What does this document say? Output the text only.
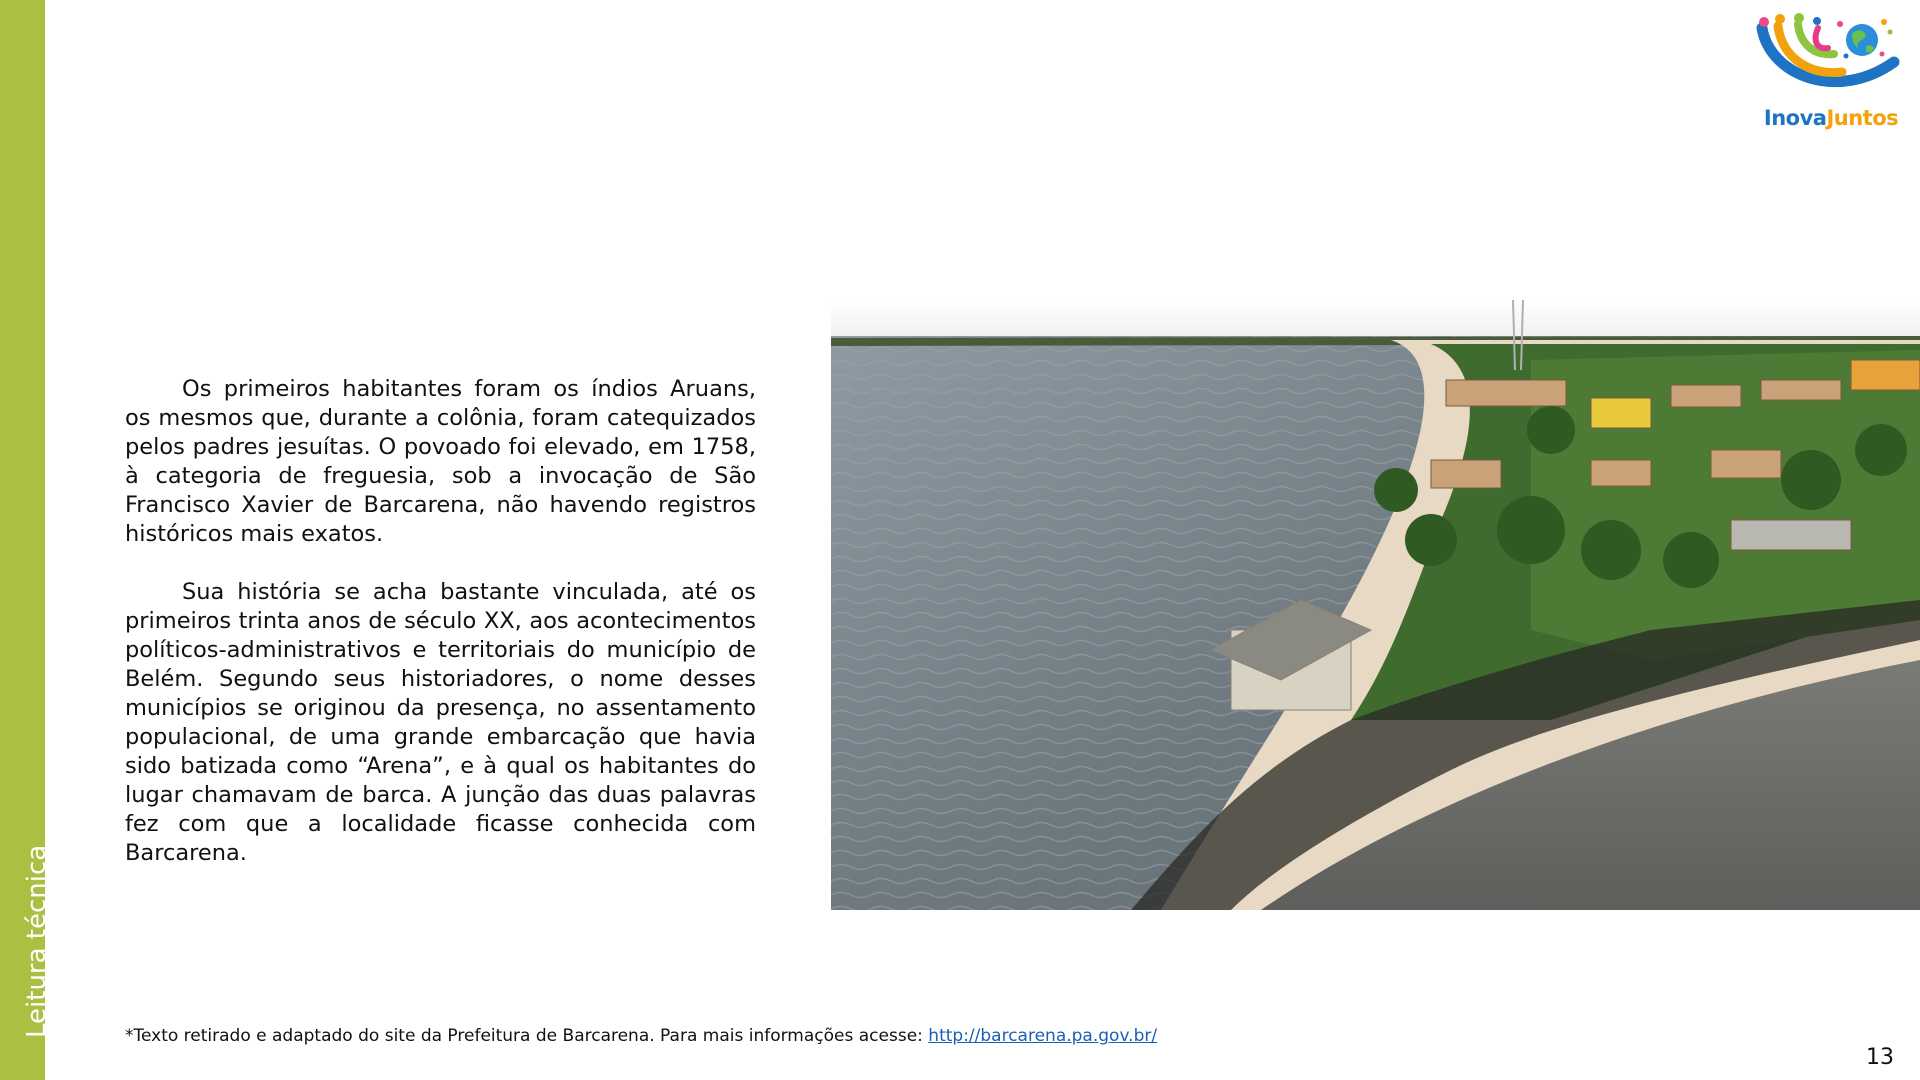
Leitura técnica
InovaJuntos

Os primeiros habitantes foram os índios Aruans, os mesmos que, durante a colônia, foram catequizados pelos padres jesuítas. O povoado foi elevado, em 1758, à categoria de freguesia, sob a invocação de São Francisco Xavier de Barcarena, não havendo registros históricos mais exatos.

Sua história se acha bastante vinculada, até os primeiros trinta anos de século XX, aos acontecimentos políticos-administrativos e territoriais do município de Belém. Segundo seus historiadores, o nome desses municípios se originou da presença, no assentamento populacional, de uma grande embarcação que havia sido batizada como “Arena”, e à qual os habitantes do lugar chamavam de barca. A junção das duas palavras fez com que a localidade ficasse conhecida com Barcarena.

*Texto retirado e adaptado do site da Prefeitura de Barcarena. Para mais informações acesse: http://barcarena.pa.gov.br/
13
